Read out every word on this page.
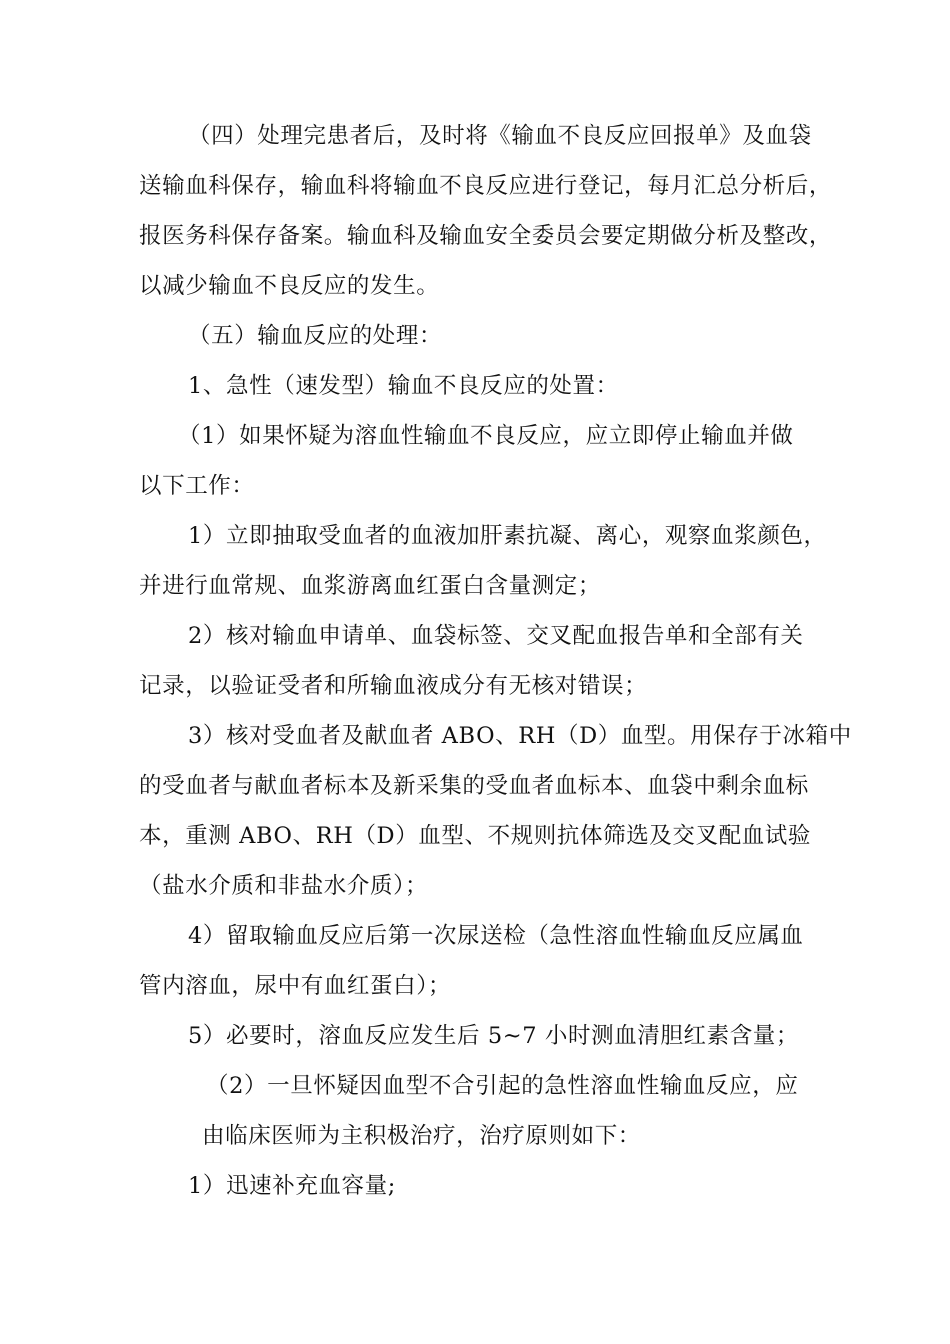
（四）处理完患者后，及时将《输血不良反应回报单》及血袋
送输血科保存，输血科将输血不良反应进行登记，每月汇总分析后，
报医务科保存备案。输血科及输血安全委员会要定期做分析及整改，
以减少输血不良反应的发生。
（五）输血反应的处理：
1、急性（速发型）输血不良反应的处置：
（1）如果怀疑为溶血性输血不良反应，应立即停止输血并做
以下工作：
1）立即抽取受血者的血液加肝素抗凝、离心，观察血浆颜色，
并进行血常规、血浆游离血红蛋白含量测定；
2）核对输血申请单、血袋标签、交叉配血报告单和全部有关
记录，以验证受者和所输血液成分有无核对错误；
3）核对受血者及献血者 ABO、RH（D）血型。用保存于冰箱中
的受血者与献血者标本及新采集的受血者血标本、血袋中剩余血标
本，重测 ABO、RH（D）血型、不规则抗体筛选及交叉配血试验
（盐水介质和非盐水介质）；
4）留取输血反应后第一次尿送检（急性溶血性输血反应属血
管内溶血，尿中有血红蛋白）；
5）必要时，溶血反应发生后 5~7 小时测血清胆红素含量；
（2）一旦怀疑因血型不合引起的急性溶血性输血反应，应
由临床医师为主积极治疗，治疗原则如下：
1）迅速补充血容量;
